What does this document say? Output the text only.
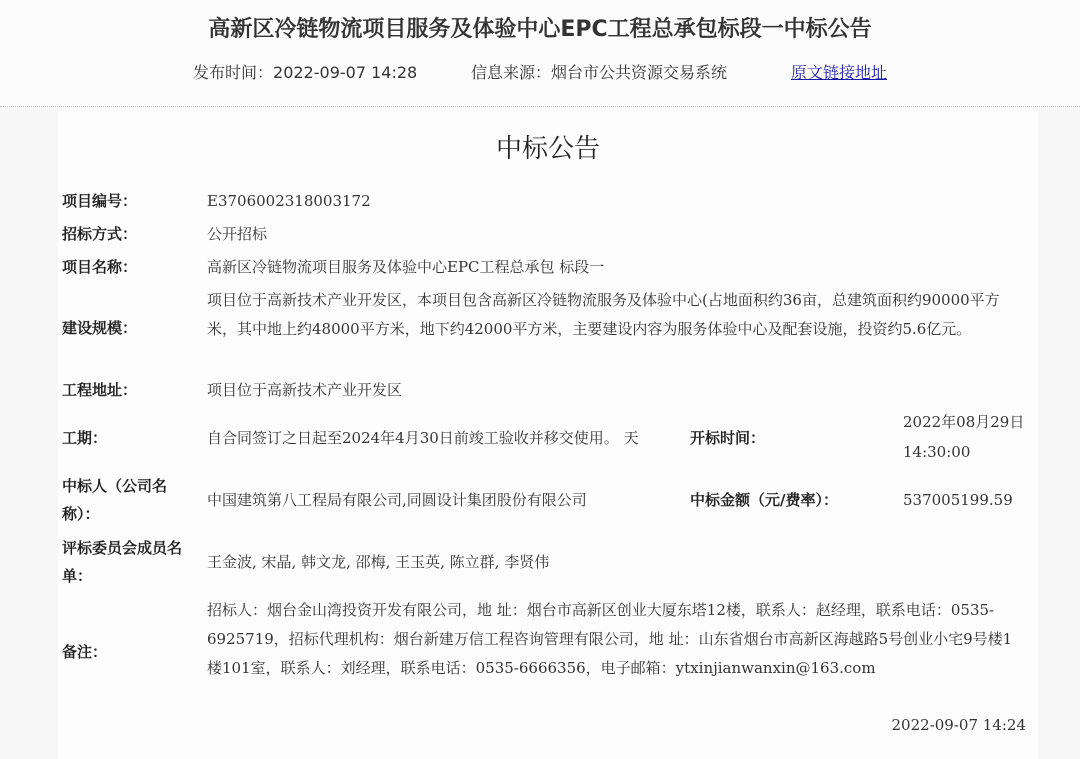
高新区冷链物流项目服务及体验中心EPC工程总承包标段一中标公告
发布时间：2022-09-07 14:28	信息来源：烟台市公共资源交易系统	原文链接地址
中标公告
项目编号：	E3706002318003172
招标方式：	公开招标
项目名称：	高新区冷链物流项目服务及体验中心EPC工程总承包 标段一
建设规模：
项目位于高新技术产业开发区，本项目包含高新区冷链物流服务及体验中心(占地面积约36亩，总建筑面积约90000平方米，其中地上约48000平方米，地下约42000平方米，主要建设内容为服务体验中心及配套设施，投资约5.6亿元。
工程地址：	项目位于高新技术产业开发区
工期：	自合同签订之日起至2024年4月30日前竣工验收并移交使用。 天	开标时间：
2022年08月29日
14:30:00
中标人（公司名称）：
中国建筑第八工程局有限公司,同圆设计集团股份有限公司	中标金额（元/费率）：	537005199.59
评标委员会成员名单：
王金波, 宋晶, 韩文龙, 邵梅, 王玉英, 陈立群, 李贤伟
备注：
招标人：烟台金山湾投资开发有限公司，地 址：烟台市高新区创业大厦东塔12楼，联系人：赵经理，联系电话：0535-6925719，招标代理机构：烟台新建万信工程咨询管理有限公司，地 址：山东省烟台市高新区海越路5号创业小宅9号楼1楼101室，联系人：刘经理，联系电话：0535-6666356，电子邮箱：ytxinjianwanxin@163.com
2022-09-07 14:24
